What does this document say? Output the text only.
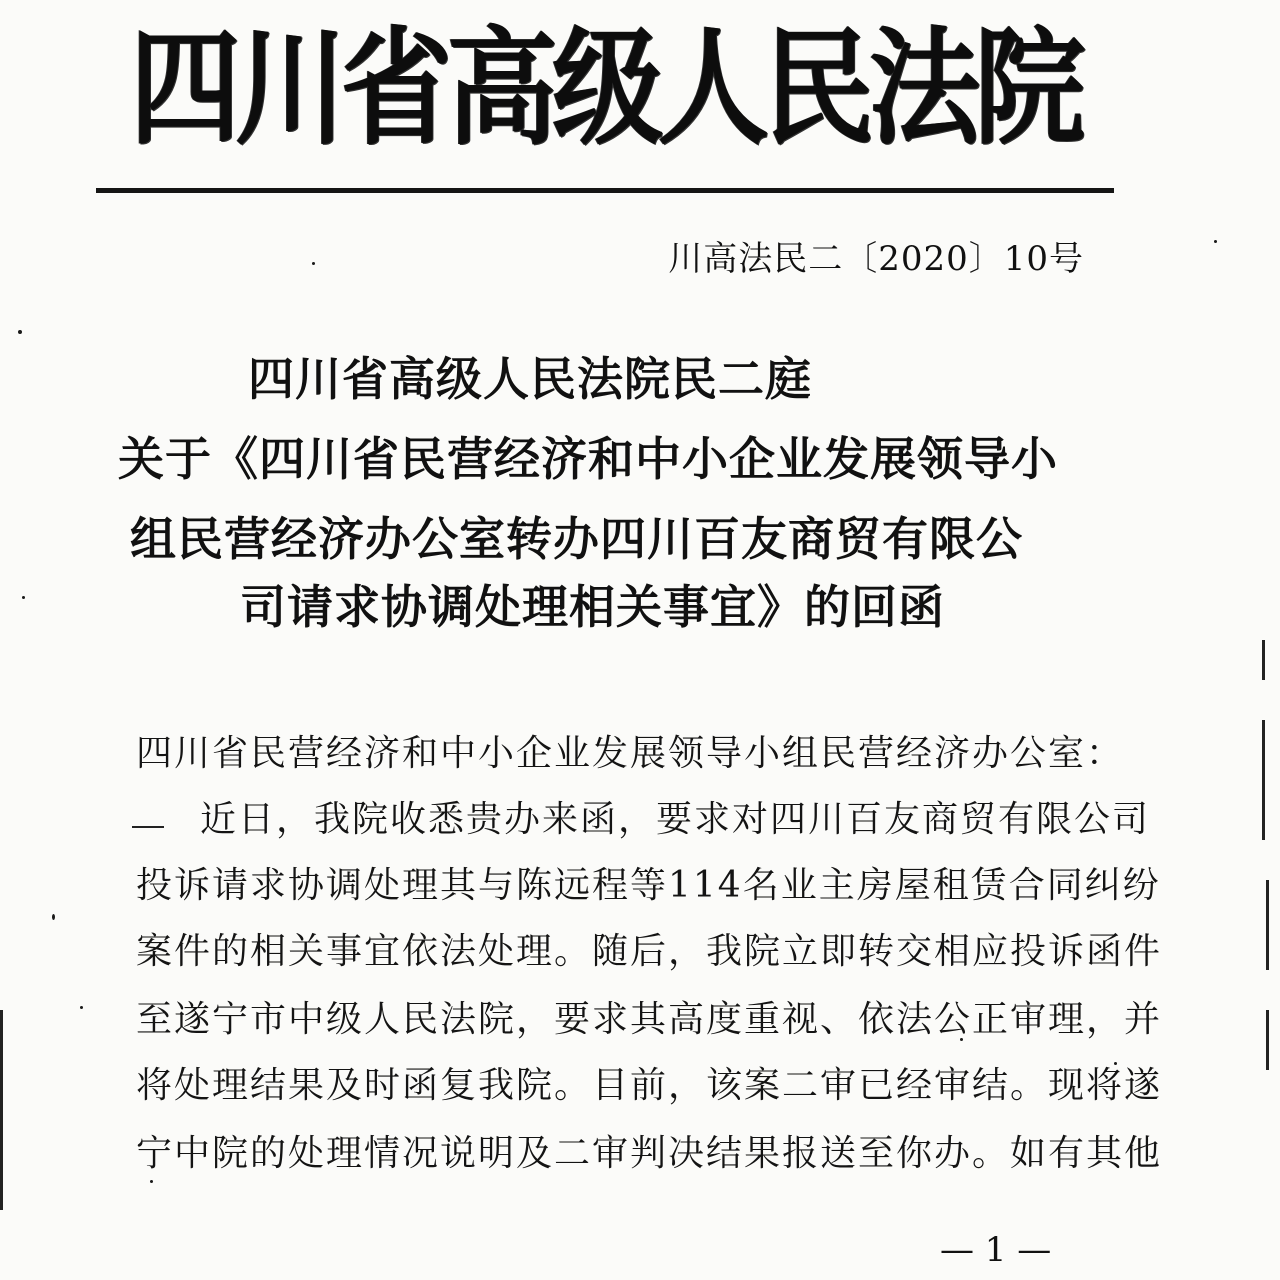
四川省高级人民法院
川高法民二〔2020〕10号
四川省高级人民法院民二庭
关于《四川省民营经济和中小企业发展领导小
组民营经济办公室转办四川百友商贸有限公
司请求协调处理相关事宜》的回函
四川省民营经济和中小企业发展领导小组民营经济办公室：
近日，我院收悉贵办来函，要求对四川百友商贸有限公司
投诉请求协调处理其与陈远程等114名业主房屋租赁合同纠纷
案件的相关事宜依法处理。随后，我院立即转交相应投诉函件
至遂宁市中级人民法院，要求其高度重视、依法公正审理，并
将处理结果及时函复我院。目前，该案二审已经审结。现将遂
宁中院的处理情况说明及二审判决结果报送至你办。如有其他
— 1 —
